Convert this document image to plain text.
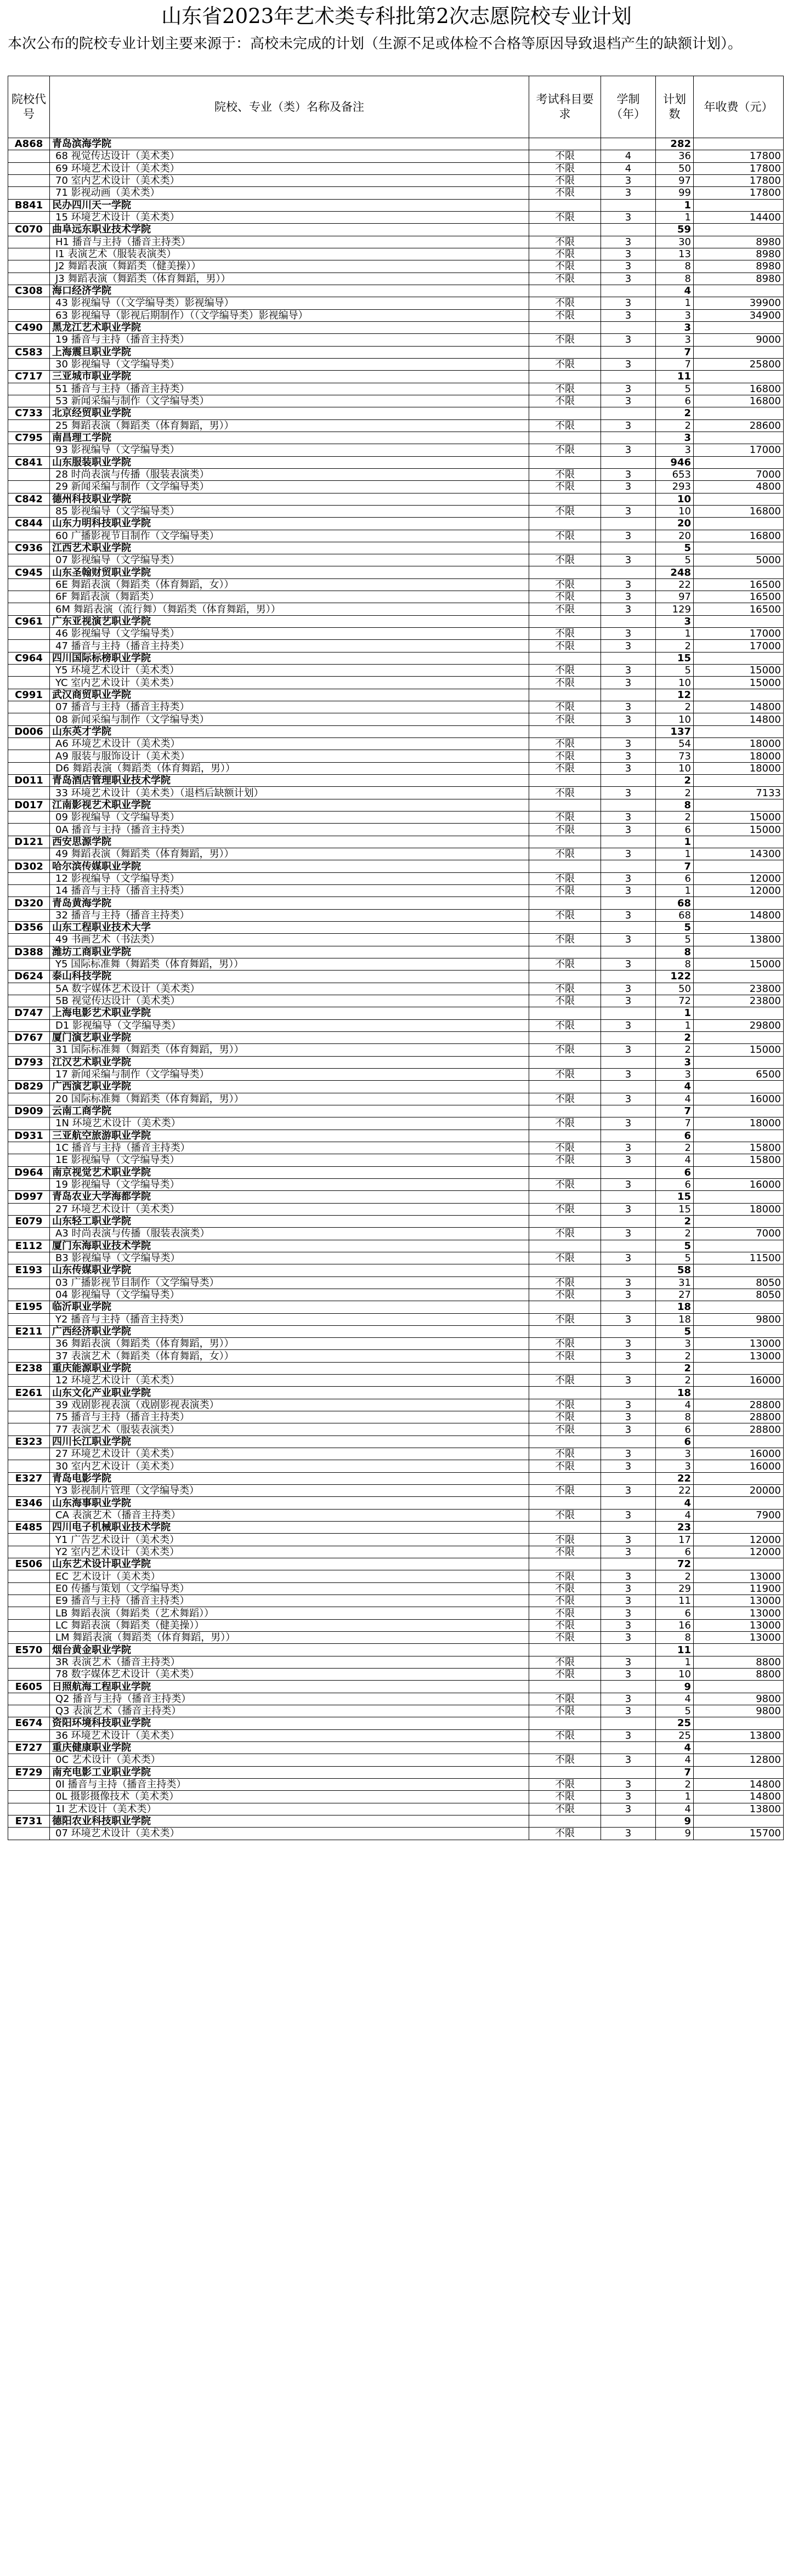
山东省2023年艺术类专科批第2次志愿院校专业计划
本次公布的院校专业计划主要来源于：高校未完成的计划（生源不足或体检不合格等原因导致退档产生的缺额计划）。
院校代号	院校、专业（类）名称及备注	考试科目要求	学制（年）	计划数	年收费（元）
A868	青岛滨海学院			282	
	68 视觉传达设计（美术类）	不限	4	36	17800
	69 环境艺术设计（美术类）	不限	4	50	17800
	70 室内艺术设计（美术类）	不限	3	97	17800
	71 影视动画（美术类）	不限	3	99	17800
B841	民办四川天一学院			1	
	15 环境艺术设计（美术类）	不限	3	1	14400
C070	曲阜远东职业技术学院			59	
	H1 播音与主持（播音主持类）	不限	3	30	8980
	I1 表演艺术（服装表演类）	不限	3	13	8980
	J2 舞蹈表演（舞蹈类（健美操））	不限	3	8	8980
	J3 舞蹈表演（舞蹈类（体育舞蹈，男））	不限	3	8	8980
C308	海口经济学院			4	
	43 影视编导（（文学编导类）影视编导）	不限	3	1	39900
	63 影视编导（影视后期制作）（（文学编导类）影视编导）	不限	3	3	34900
C490	黑龙江艺术职业学院			3	
	19 播音与主持（播音主持类）	不限	3	3	9000
C583	上海震旦职业学院			7	
	30 影视编导（文学编导类）	不限	3	7	25800
C717	三亚城市职业学院			11	
	51 播音与主持（播音主持类）	不限	3	5	16800
	53 新闻采编与制作（文学编导类）	不限	3	6	16800
C733	北京经贸职业学院			2	
	25 舞蹈表演（舞蹈类（体育舞蹈，男））	不限	3	2	28600
C795	南昌理工学院			3	
	93 影视编导（文学编导类）	不限	3	3	17000
C841	山东服装职业学院			946	
	28 时尚表演与传播（服装表演类）	不限	3	653	7000
	29 新闻采编与制作（文学编导类）	不限	3	293	4800
C842	德州科技职业学院			10	
	85 影视编导（文学编导类）	不限	3	10	16800
C844	山东力明科技职业学院			20	
	60 广播影视节目制作（文学编导类）	不限	3	20	16800
C936	江西艺术职业学院			5	
	07 影视编导（文学编导类）	不限	3	5	5000
C945	山东圣翰财贸职业学院			248	
	6E 舞蹈表演（舞蹈类（体育舞蹈，女））	不限	3	22	16500
	6F 舞蹈表演（舞蹈类）	不限	3	97	16500
	6M 舞蹈表演（流行舞）（舞蹈类（体育舞蹈，男））	不限	3	129	16500
C961	广东亚视演艺职业学院			3	
	46 影视编导（文学编导类）	不限	3	1	17000
	47 播音与主持（播音主持类）	不限	3	2	17000
C964	四川国际标榜职业学院			15	
	Y5 环境艺术设计（美术类）	不限	3	5	15000
	YC 室内艺术设计（美术类）	不限	3	10	15000
C991	武汉商贸职业学院			12	
	07 播音与主持（播音主持类）	不限	3	2	14800
	08 新闻采编与制作（文学编导类）	不限	3	10	14800
D006	山东英才学院			137	
	A6 环境艺术设计（美术类）	不限	3	54	18000
	A9 服装与服饰设计（美术类）	不限	3	73	18000
	D6 舞蹈表演（舞蹈类（体育舞蹈，男））	不限	3	10	18000
D011	青岛酒店管理职业技术学院			2	
	33 环境艺术设计（美术类）（退档后缺额计划）	不限	3	2	7133
D017	江南影视艺术职业学院			8	
	09 影视编导（文学编导类）	不限	3	2	15000
	0A 播音与主持（播音主持类）	不限	3	6	15000
D121	西安思源学院			1	
	49 舞蹈表演（舞蹈类（体育舞蹈，男））	不限	3	1	14300
D302	哈尔滨传媒职业学院			7	
	12 影视编导（文学编导类）	不限	3	6	12000
	14 播音与主持（播音主持类）	不限	3	1	12000
D320	青岛黄海学院			68	
	32 播音与主持（播音主持类）	不限	3	68	14800
D356	山东工程职业技术大学			5	
	49 书画艺术（书法类）	不限	3	5	13800
D388	潍坊工商职业学院			8	
	Y5 国际标准舞（舞蹈类（体育舞蹈，男））	不限	3	8	15000
D624	泰山科技学院			122	
	5A 数字媒体艺术设计（美术类）	不限	3	50	23800
	5B 视觉传达设计（美术类）	不限	3	72	23800
D747	上海电影艺术职业学院			1	
	D1 影视编导（文学编导类）	不限	3	1	29800
D767	厦门演艺职业学院			2	
	31 国际标准舞（舞蹈类（体育舞蹈，男））	不限	3	2	15000
D793	江汉艺术职业学院			3	
	17 新闻采编与制作（文学编导类）	不限	3	3	6500
D829	广西演艺职业学院			4	
	20 国际标准舞（舞蹈类（体育舞蹈，男））	不限	3	4	16000
D909	云南工商学院			7	
	1N 环境艺术设计（美术类）	不限	3	7	18000
D931	三亚航空旅游职业学院			6	
	1C 播音与主持（播音主持类）	不限	3	2	15800
	1E 影视编导（文学编导类）	不限	3	4	15800
D964	南京视觉艺术职业学院			6	
	19 影视编导（文学编导类）	不限	3	6	16000
D997	青岛农业大学海都学院			15	
	27 环境艺术设计（美术类）	不限	3	15	18000
E079	山东轻工职业学院			2	
	A3 时尚表演与传播（服装表演类）	不限	3	2	7000
E112	厦门东海职业技术学院			5	
	B3 影视编导（文学编导类）	不限	3	5	11500
E193	山东传媒职业学院			58	
	03 广播影视节目制作（文学编导类）	不限	3	31	8050
	04 影视编导（文学编导类）	不限	3	27	8050
E195	临沂职业学院			18	
	Y2 播音与主持（播音主持类）	不限	3	18	9800
E211	广西经济职业学院			5	
	36 舞蹈表演（舞蹈类（体育舞蹈，男））	不限	3	3	13000
	37 表演艺术（舞蹈类（体育舞蹈，女））	不限	3	2	13000
E238	重庆能源职业学院			2	
	12 环境艺术设计（美术类）	不限	3	2	16000
E261	山东文化产业职业学院			18	
	39 戏剧影视表演（戏剧影视表演类）	不限	3	4	28800
	75 播音与主持（播音主持类）	不限	3	8	28800
	77 表演艺术（服装表演类）	不限	3	6	28800
E323	四川长江职业学院			6	
	27 环境艺术设计（美术类）	不限	3	3	16000
	30 室内艺术设计（美术类）	不限	3	3	16000
E327	青岛电影学院			22	
	Y3 影视制片管理（文学编导类）	不限	3	22	20000
E346	山东海事职业学院			4	
	CA 表演艺术（播音主持类）	不限	3	4	7900
E485	四川电子机械职业技术学院			23	
	Y1 广告艺术设计（美术类）	不限	3	17	12000
	Y2 室内艺术设计（美术类）	不限	3	6	12000
E506	山东艺术设计职业学院			72	
	EC 艺术设计（美术类）	不限	3	2	13000
	E0 传播与策划（文学编导类）	不限	3	29	11900
	E9 播音与主持（播音主持类）	不限	3	11	13000
	LB 舞蹈表演（舞蹈类（艺术舞蹈））	不限	3	6	13000
	LC 舞蹈表演（舞蹈类（健美操））	不限	3	16	13000
	LM 舞蹈表演（舞蹈类（体育舞蹈，男））	不限	3	8	13000
E570	烟台黄金职业学院			11	
	3R 表演艺术（播音主持类）	不限	3	1	8800
	78 数字媒体艺术设计（美术类）	不限	3	10	8800
E605	日照航海工程职业学院			9	
	Q2 播音与主持（播音主持类）	不限	3	4	9800
	Q3 表演艺术（播音主持类）	不限	3	5	9800
E674	资阳环境科技职业学院			25	
	36 环境艺术设计（美术类）	不限	3	25	13800
E727	重庆健康职业学院			4	
	0C 艺术设计（美术类）	不限	3	4	12800
E729	南充电影工业职业学院			7	
	0I 播音与主持（播音主持类）	不限	3	2	14800
	0L 摄影摄像技术（美术类）	不限	3	1	14800
	1I 艺术设计（美术类）	不限	3	4	13800
E731	德阳农业科技职业学院			9	
	07 环境艺术设计（美术类）	不限	3	9	15700
